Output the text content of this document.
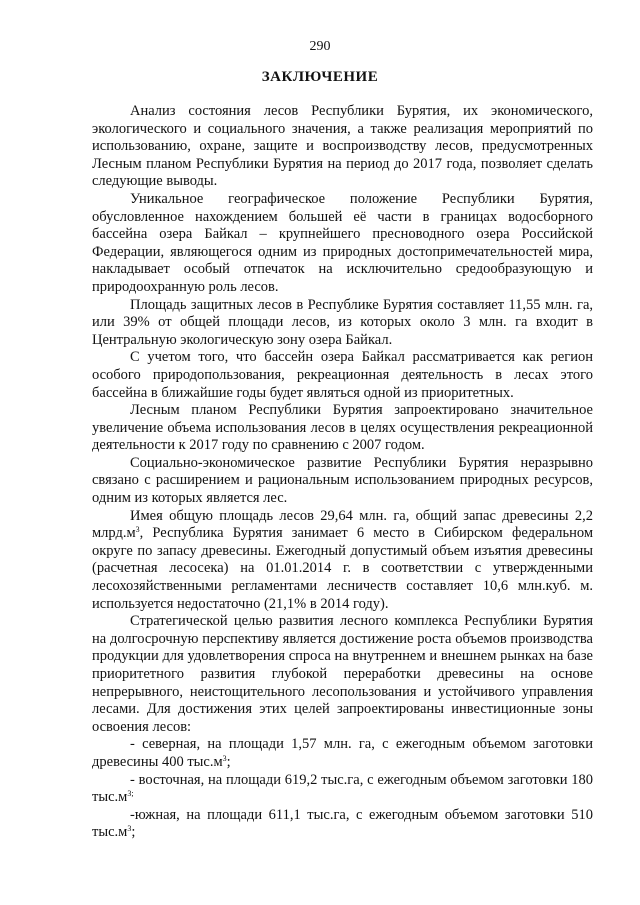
290
ЗАКЛЮЧЕНИЕ

Анализ состояния лесов Республики Бурятия, их экономического, экологического и социального значения, а также реализация мероприятий по использованию, охране, защите и воспроизводству лесов, предусмотренных Лесным планом Республики Бурятия на период до 2017 года, позволяет сделать следующие выводы.

Уникальное географическое положение Республики Бурятия, обусловленное нахождением большей её части в границах водосборного бассейна озера Байкал – крупнейшего пресноводного озера Российской Федерации, являющегося одним из природных достопримечательностей мира, накладывает особый отпечаток на исключительно средообразующую и природоохранную роль лесов.

Площадь защитных лесов в Республике Бурятия составляет 11,55 млн. га, или 39% от общей площади лесов, из которых около 3 млн. га входит в Центральную экологическую зону озера Байкал.

С учетом того, что бассейн озера Байкал рассматривается как регион особого природопользования, рекреационная деятельность в лесах этого бассейна в ближайшие годы будет являться одной из приоритетных.

Лесным планом Республики Бурятия запроектировано значительное увеличение объема использования лесов в целях осуществления рекреационной деятельности к 2017 году по сравнению с 2007 годом.

Социально-экономическое развитие Республики Бурятия неразрывно связано с расширением и рациональным использованием природных ресурсов, одним из которых является лес.

Имея общую площадь лесов 29,64 млн. га, общий запас древесины 2,2 $млрд.м^3$, Республика Бурятия занимает 6 место в Сибирском федеральном округе по запасу древесины. Ежегодный допустимый объем изъятия древесины (расчетная лесосека) на 01.01.2014 г. в соответствии с утвержденными лесохозяйственными регламентами лесничеств составляет 10,6 млн.куб. м. используется недостаточно (21,1% в 2014 году).

Стратегической целью развития лесного комплекса Республики Бурятия на долгосрочную перспективу является достижение роста объемов производства продукции для удовлетворения спроса на внутреннем и внешнем рынках на базе приоритетного развития глубокой переработки древесины на основе непрерывного, неистощительного лесопользования и устойчивого управления лесами. Для достижения этих целей запроектированы инвестиционные зоны освоения лесов:

- северная, на площади 1,57 млн. га, с ежегодным объемом заготовки древесины 400 $тыс.м^3$;

- восточная, на площади 619,2 тыс.га, с ежегодным объемом заготовки 180 $тыс.м^{3;}$

-южная, на площади 611,1 тыс.га, с ежегодным объемом заготовки 510 $тыс.м^3$;
